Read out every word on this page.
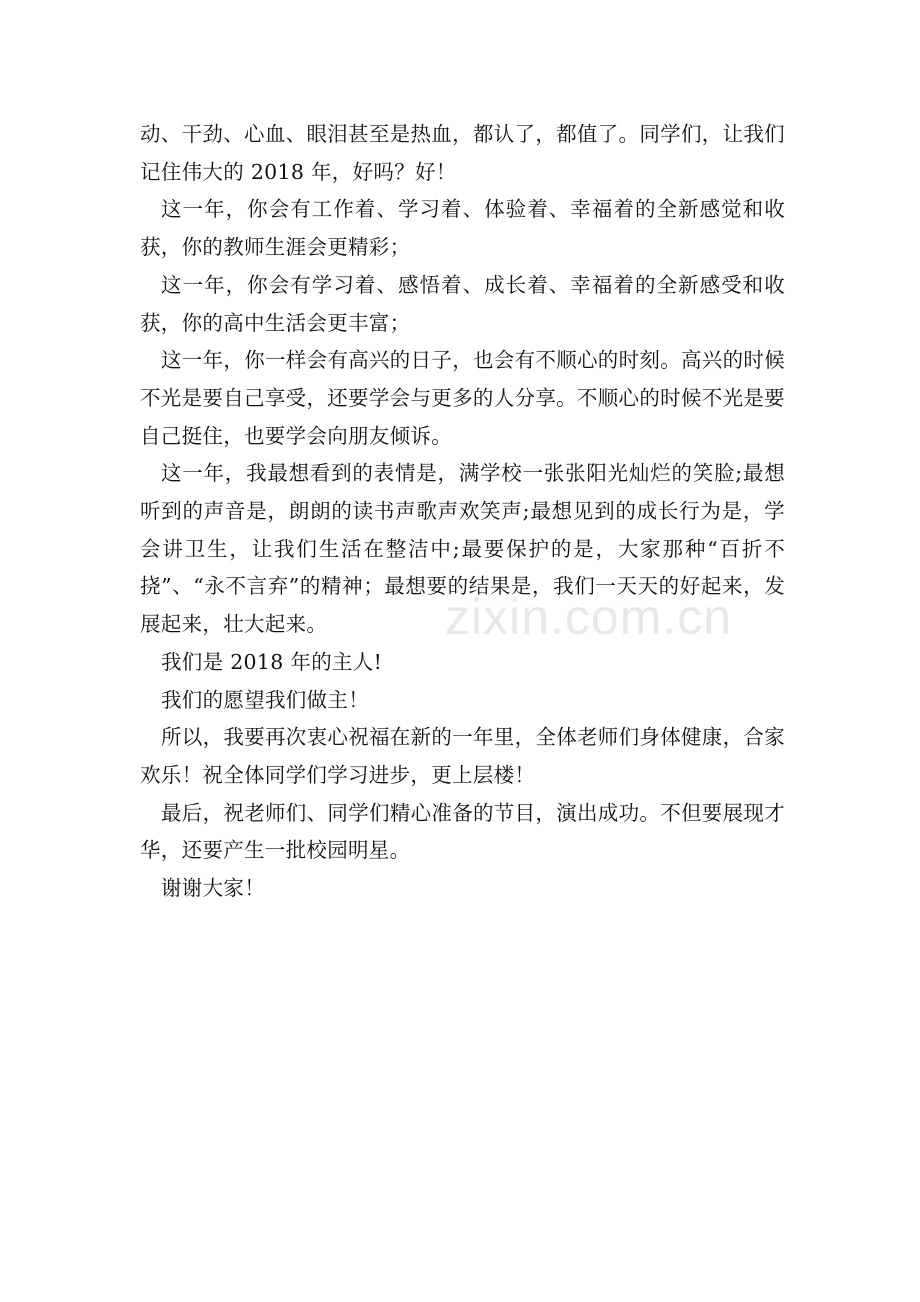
动、干劲、心血、眼泪甚至是热血，都认了，都值了。同学们，让我们记住伟大的 2018 年，好吗？好！

这一年，你会有工作着、学习着、体验着、幸福着的全新感觉和收获，你的教师生涯会更精彩；

这一年，你会有学习着、感悟着、成长着、幸福着的全新感受和收获，你的高中生活会更丰富；

这一年，你一样会有高兴的日子，也会有不顺心的时刻。高兴的时候不光是要自己享受，还要学会与更多的人分享。不顺心的时候不光是要自己挺住，也要学会向朋友倾诉。

这一年，我最想看到的表情是，满学校一张张阳光灿烂的笑脸;最想听到的声音是，朗朗的读书声歌声欢笑声;最想见到的成长行为是，学会讲卫生，让我们生活在整洁中;最要保护的是，大家那种“百折不挠”、“永不言弃”的精神；最想要的结果是，我们一天天的好起来，发展起来，壮大起来。

我们是 2018 年的主人!

我们的愿望我们做主！

所以，我要再次衷心祝福在新的一年里，全体老师们身体健康，合家欢乐！祝全体同学们学习进步，更上层楼！

最后，祝老师们、同学们精心准备的节目，演出成功。不但要展现才华，还要产生一批校园明星。

谢谢大家！

zixin.com.cn
